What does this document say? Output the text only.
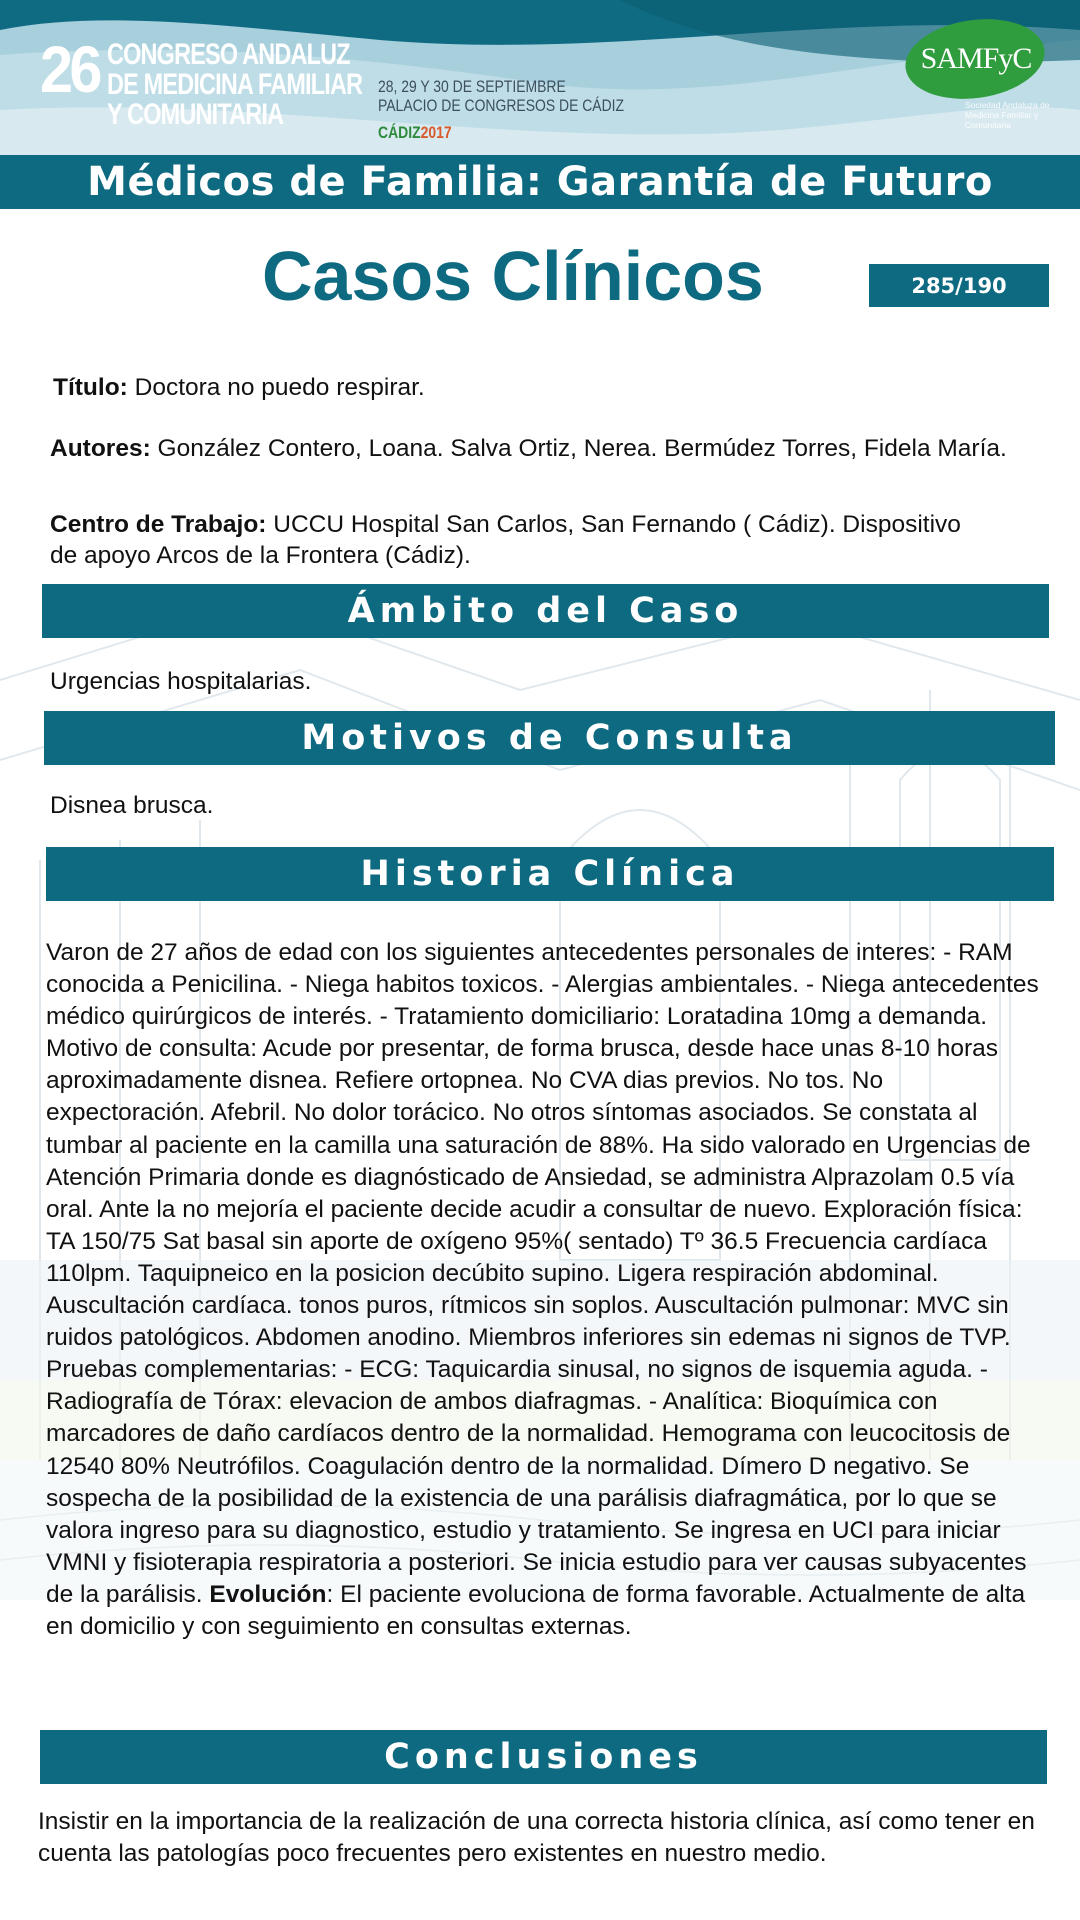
26 CONGRESO ANDALUZ
DE MEDICINA FAMILIAR
Y COMUNITARIA
28, 29 Y 30 DE SEPTIEMBRE
PALACIO DE CONGRESOS DE CÁDIZ
CÁDIZ2017
SAMFyC
Sociedad Andaluza de Medicina Familiar y Comunitaria
Médicos de Familia: Garantía de Futuro
Casos Clínicos	285/190
Título: Doctora no puedo respirar.
Autores: González Contero, Loana. Salva Ortiz, Nerea. Bermúdez Torres, Fidela María.
Centro de Trabajo: UCCU Hospital San Carlos, San Fernando ( Cádiz). Dispositivo de apoyo Arcos de la Frontera (Cádiz).
Ámbito del Caso
Urgencias hospitalarias.
Motivos de Consulta
Disnea brusca.
Historia Clínica
Varon de 27 años de edad con los siguientes antecedentes personales de interes: - RAM conocida a Penicilina. - Niega habitos toxicos. - Alergias ambientales. - Niega antecedentes médico quirúrgicos de interés. - Tratamiento domiciliario: Loratadina 10mg a demanda. Motivo de consulta: Acude por presentar, de forma brusca, desde hace unas 8-10 horas aproximadamente disnea. Refiere ortopnea. No CVA dias previos. No tos. No expectoración. Afebril. No dolor torácico. No otros síntomas asociados. Se constata al tumbar al paciente en la camilla una saturación de 88%. Ha sido valorado en Urgencias de Atención Primaria donde es diagnósticado de Ansiedad, se administra Alprazolam 0.5 vía oral. Ante la no mejoría el paciente decide acudir a consultar de nuevo. Exploración física: TA 150/75 Sat basal sin aporte de oxígeno 95%( sentado) Tº 36.5 Frecuencia cardíaca 110lpm. Taquipneico en la posicion decúbito supino. Ligera respiración abdominal. Auscultación cardíaca. tonos puros, rítmicos sin soplos. Auscultación pulmonar: MVC sin ruidos patológicos. Abdomen anodino. Miembros inferiores sin edemas ni signos de TVP. Pruebas complementarias: - ECG: Taquicardia sinusal, no signos de isquemia aguda. - Radiografía de Tórax: elevacion de ambos diafragmas. - Analítica: Bioquímica con marcadores de daño cardíacos dentro de la normalidad. Hemograma con leucocitosis de 12540 80% Neutrófilos. Coagulación dentro de la normalidad. Dímero D negativo. Se sospecha de la posibilidad de la existencia de una parálisis diafragmática, por lo que se valora ingreso para su diagnostico, estudio y tratamiento. Se ingresa en UCI para iniciar VMNI y fisioterapia respiratoria a posteriori. Se inicia estudio para ver causas subyacentes de la parálisis. Evolución: El paciente evoluciona de forma favorable. Actualmente de alta en domicilio y con seguimiento en consultas externas.
Conclusiones
Insistir en la importancia de la realización de una correcta historia clínica, así como tener en cuenta las patologías poco frecuentes pero existentes en nuestro medio.
